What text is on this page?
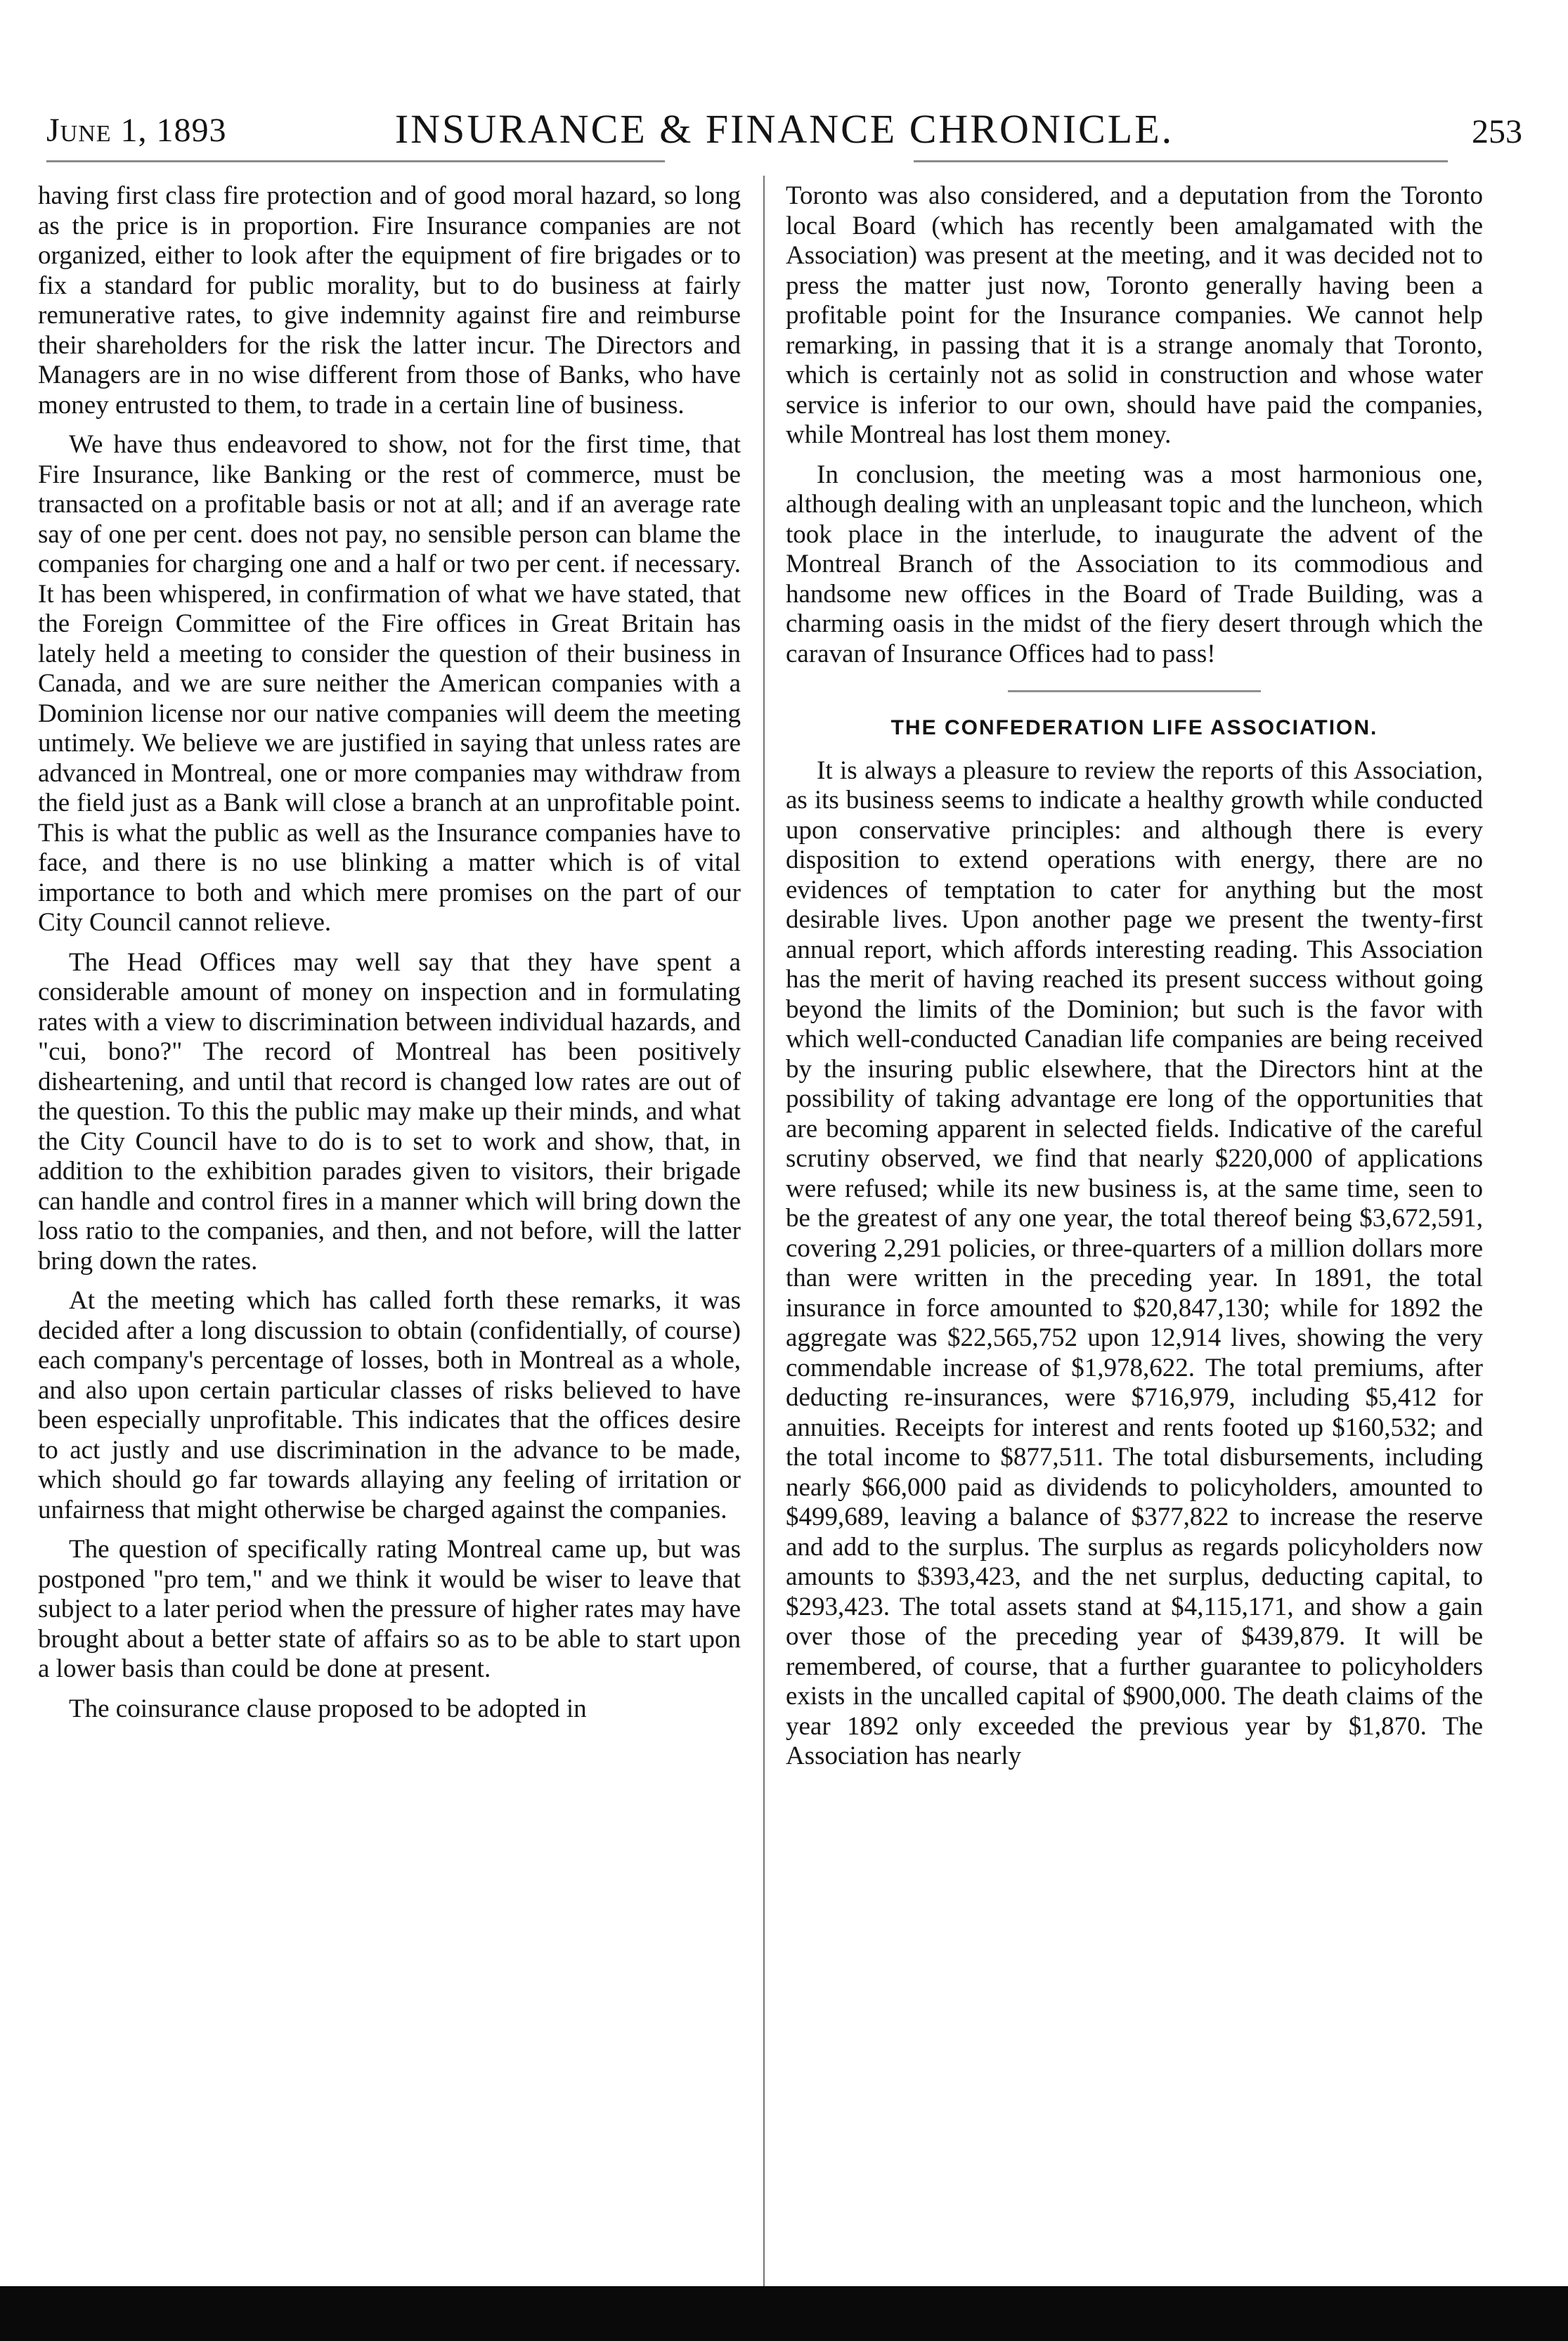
June 1, 1893	INSURANCE & FINANCE CHRONICLE.	253

having first class fire protection and of good moral hazard, so long as the price is in proportion. Fire Insurance companies are not organized, either to look after the equipment of fire brigades or to fix a standard for public morality, but to do business at fairly remunerative rates, to give indemnity against fire and reimburse their shareholders for the risk the latter incur. The Directors and Managers are in no wise different from those of Banks, who have money entrusted to them, to trade in a certain line of business.

We have thus endeavored to show, not for the first time, that Fire Insurance, like Banking or the rest of commerce, must be transacted on a profitable basis or not at all; and if an average rate say of one per cent. does not pay, no sensible person can blame the companies for charging one and a half or two per cent. if necessary. It has been whispered, in confirmation of what we have stated, that the Foreign Committee of the Fire offices in Great Britain has lately held a meeting to consider the question of their business in Canada, and we are sure neither the American companies with a Dominion license nor our native companies will deem the meeting untimely. We believe we are justified in saying that unless rates are advanced in Montreal, one or more companies may withdraw from the field just as a Bank will close a branch at an unprofitable point. This is what the public as well as the Insurance companies have to face, and there is no use blinking a matter which is of vital importance to both and which mere promises on the part of our City Council cannot relieve.

The Head Offices may well say that they have spent a considerable amount of money on inspection and in formulating rates with a view to discrimination between individual hazards, and "cui, bono?" The record of Montreal has been positively disheartening, and until that record is changed low rates are out of the question. To this the public may make up their minds, and what the City Council have to do is to set to work and show, that, in addition to the exhibition parades given to visitors, their brigade can handle and control fires in a manner which will bring down the loss ratio to the companies, and then, and not before, will the latter bring down the rates.

At the meeting which has called forth these remarks, it was decided after a long discussion to obtain (confidentially, of course) each company's percentage of losses, both in Montreal as a whole, and also upon certain particular classes of risks believed to have been especially unprofitable. This indicates that the offices desire to act justly and use discrimination in the advance to be made, which should go far towards allaying any feeling of irritation or unfairness that might otherwise be charged against the companies.

The question of specifically rating Montreal came up, but was postponed "pro tem," and we think it would be wiser to leave that subject to a later period when the pressure of higher rates may have brought about a better state of affairs so as to be able to start upon a lower basis than could be done at present.

The coinsurance clause proposed to be adopted in

Toronto was also considered, and a deputation from the Toronto local Board (which has recently been amalgamated with the Association) was present at the meeting, and it was decided not to press the matter just now, Toronto generally having been a profitable point for the Insurance companies. We cannot help remarking, in passing that it is a strange anomaly that Toronto, which is certainly not as solid in construction and whose water service is inferior to our own, should have paid the companies, while Montreal has lost them money.

In conclusion, the meeting was a most harmonious one, although dealing with an unpleasant topic and the luncheon, which took place in the interlude, to inaugurate the advent of the Montreal Branch of the Association to its commodious and handsome new offices in the Board of Trade Building, was a charming oasis in the midst of the fiery desert through which the caravan of Insurance Offices had to pass!

THE CONFEDERATION LIFE ASSOCIATION.

It is always a pleasure to review the reports of this Association, as its business seems to indicate a healthy growth while conducted upon conservative principles: and although there is every disposition to extend operations with energy, there are no evidences of temptation to cater for anything but the most desirable lives. Upon another page we present the twenty-first annual report, which affords interesting reading. This Association has the merit of having reached its present success without going beyond the limits of the Dominion; but such is the favor with which well-conducted Canadian life companies are being received by the insuring public elsewhere, that the Directors hint at the possibility of taking advantage ere long of the opportunities that are becoming apparent in selected fields. Indicative of the careful scrutiny observed, we find that nearly $220,000 of applications were refused; while its new business is, at the same time, seen to be the greatest of any one year, the total thereof being $3,672,591, covering 2,291 policies, or three-quarters of a million dollars more than were written in the preceding year. In 1891, the total insurance in force amounted to $20,847,130; while for 1892 the aggregate was $22,565,752 upon 12,914 lives, showing the very commendable increase of $1,978,622. The total premiums, after deducting re-insurances, were $716,979, including $5,412 for annuities. Receipts for interest and rents footed up $160,532; and the total income to $877,511. The total disbursements, including nearly $66,000 paid as dividends to policyholders, amounted to $499,689, leaving a balance of $377,822 to increase the reserve and add to the surplus. The surplus as regards policyholders now amounts to $393,423, and the net surplus, deducting capital, to $293,423. The total assets stand at $4,115,171, and show a gain over those of the preceding year of $439,879. It will be remembered, of course, that a further guarantee to policyholders exists in the uncalled capital of $900,000. The death claims of the year 1892 only exceeded the previous year by $1,870. The Association has nearly
